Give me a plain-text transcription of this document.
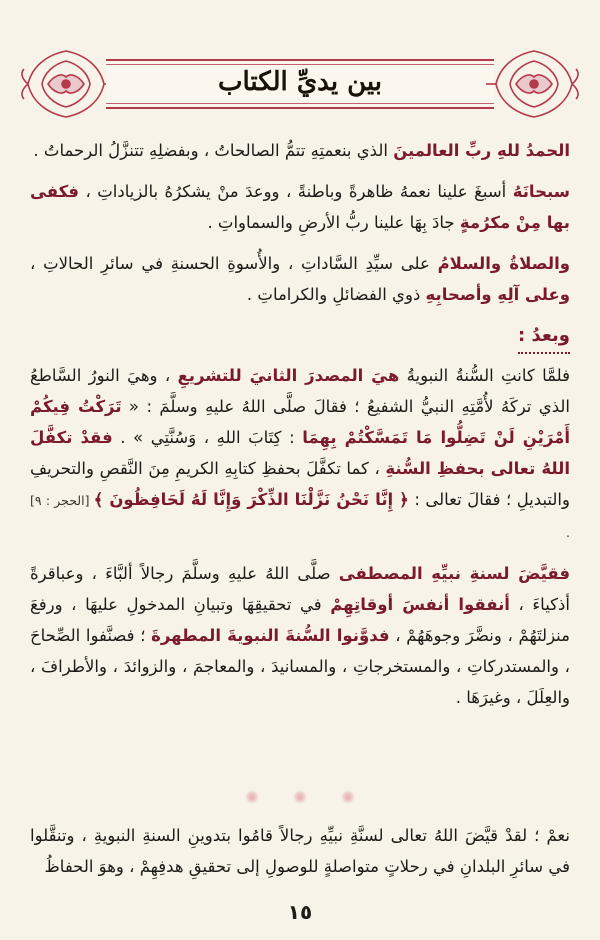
بين يديِّ الكتاب

الحمدُ للهِ ربِّ العالمينَ الذي بنعمتِهِ تتمُّ الصالحاتُ ، وبفضلِهِ تتنزَّلُ الرحماتُ .

سبحانَهُ أسبغَ علينا نعمهُ ظاهرةً وباطنةً ، ووعدَ منْ يشكرُهُ بالزياداتِ ، فكفى بها مِنْ مكرُمةٍ جادَ بِهَا علينا ربُّ الأرضِ والسماواتِ .

والصلاةُ والسلامُ على سيِّدِ السَّاداتِ ، والأُسوةِ الحسنةِ في سائرِ الحالاتِ ، وعلى آلِهِ وأصحابِهِ ذوي الفضائلِ والكراماتِ .

وبعدُ :

فلمَّا كانتِ السُّنةُ النبويةُ هيَ المصدرَ الثانيَ للتشريعِ ، وهيَ النورُ السَّاطعُ الذي تركَهُ لأُمَّتِهِ النبيُّ الشفيعُ ؛ فقالَ صلَّى اللهُ عليهِ وسلَّمَ : « تَرَكْتُ فِيكُمْ أَمْرَيْنِ لَنْ تَضِلُّوا مَا تَمَسَّكْتُمْ بِهِمَا : كِتَابَ اللهِ ، وَسُنَّتِي » . فقدْ تكفَّلَ اللهُ تعالى بحفظِ السُّنةِ ، كما تكفَّلَ بحفظِ كتابِهِ الكريمِ مِنَ النَّقصِ والتحريفِ والتبديلِ ؛ فقالَ تعالى : ﴿ إِنَّا نَحْنُ نَزَّلْنَا الذِّكْرَ وَإِنَّا لَهُ لَحَافِظُونَ ﴾ [الحجر : ٩] .

فقيَّضَ لسنةِ نبيِّهِ المصطفى صلَّى اللهُ عليهِ وسلَّمَ رجالاً ألبَّاءَ ، وعباقرةً أذكياءَ ، أنفقوا أنفسَ أوقاتِهِمْ في تحقيقِهَا وتبيانِ المدخولِ عليهَا ، ورفعَ منزلتَهُمْ ، ونضَّرَ وجوهَهُمْ ، فدوَّنوا السُّنةَ النبويةَ المطهرةَ ؛ فصنَّفوا الصِّحاحَ ، والمستدركاتِ ، والمستخرجاتِ ، والمسانيدَ ، والمعاجمَ ، والزوائدَ ، والأطرافَ ، والعِلَلَ ، وغيرَهَا .

نعمْ ؛ لقدْ قيَّضَ اللهُ تعالى لسنَّةِ نبيِّهِ رجالاً قامُوا بتدوينِ السنةِ النبويةِ ، وتنقَّلوا في سائرِ البلدانِ في رحلاتٍ متواصلةٍ للوصولِ إلى تحقيقِ هدفِهِمْ ، وهوَ الحفاظُ

١٥
